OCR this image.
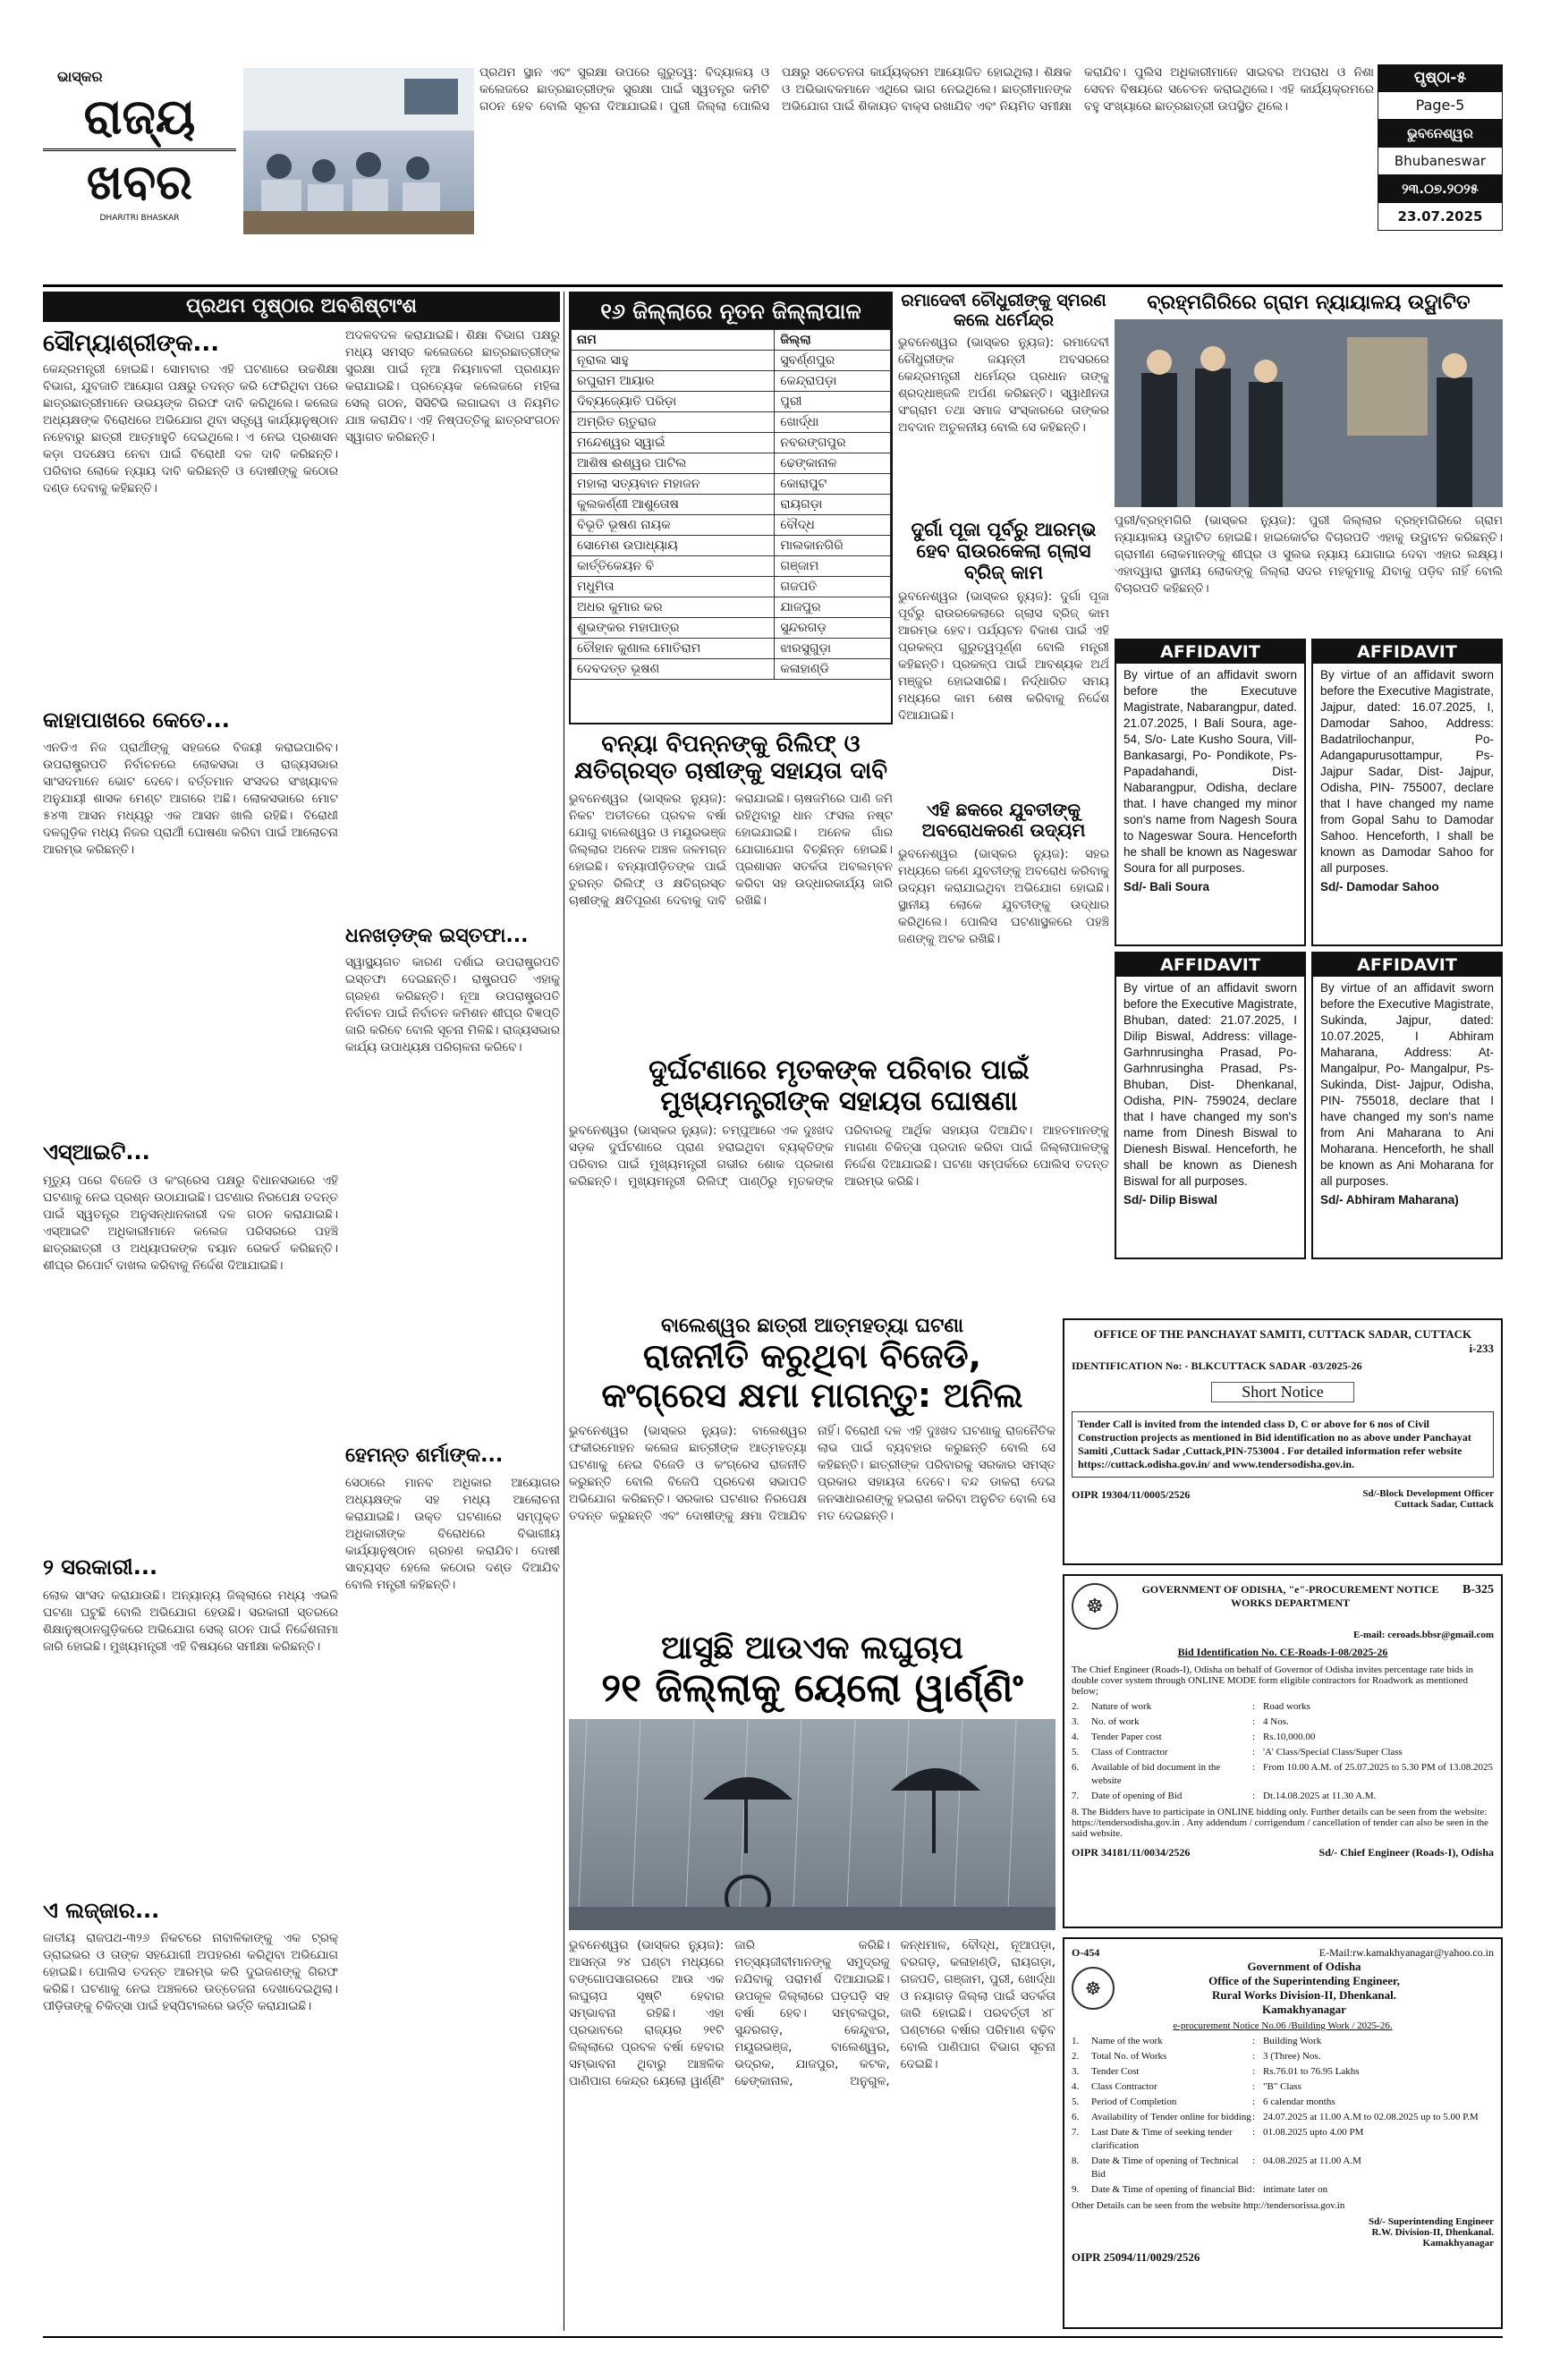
ଭାସ୍କର
ରାଜ୍ୟ
ଖବର
DHARITRI BHASKAR
ପ୍ରଥମ ସ୍ଥାନ ଏବଂ ସୁରକ୍ଷା ଉପରେ ଗୁରୁତ୍ୱ: ବିଦ୍ୟାଳୟ ଓ କଲେଜରେ ଛାତ୍ରଛାତ୍ରୀଙ୍କ ସୁରକ୍ଷା ପାଇଁ ସ୍ୱତନ୍ତ୍ର କମିଟି ଗଠନ ହେବ ବୋଲି ସୂଚନା ଦିଆଯାଇଛି। ପୁରୀ ଜିଲ୍ଲା ପୋଲିସ ପକ୍ଷରୁ ସଚେତନତା କାର୍ଯ୍ୟକ୍ରମ ଆୟୋଜିତ ହୋଇଥିଲା। ଶିକ୍ଷକ ଓ ଅଭିଭାବକମାନେ ଏଥିରେ ଭାଗ ନେଇଥିଲେ। ଛାତ୍ରୀମାନଙ୍କ ଅଭିଯୋଗ ପାଇଁ ଶିକାୟତ ବାକ୍ସ ରଖାଯିବ ଏବଂ ନିୟମିତ ସମୀକ୍ଷା କରାଯିବ। ପୁଲିସ ଅଧିକାରୀମାନେ ସାଇବର ଅପରାଧ ଓ ନିଶା ସେବନ ବିଷୟରେ ସଚେତନ କରାଇଥିଲେ। ଏହି କାର୍ଯ୍ୟକ୍ରମରେ ବହୁ ସଂଖ୍ୟାରେ ଛାତ୍ରଛାତ୍ରୀ ଉପସ୍ଥିତ ଥିଲେ।
ପୃଷ୍ଠା-୫
Page-5
ଭୁବନେଶ୍ୱର
Bhubaneswar
୨୩.୦୭.୨୦୨୫
23.07.2025
ପ୍ରଥମ ପୃଷ୍ଠାର ଅବଶିଷ୍ଟାଂଶ
ସୌମ୍ୟାଶ୍ରୀଙ୍କ...
କେନ୍ଦ୍ରମନ୍ତ୍ରୀ ହୋଇଛି। ସୋମବାର ଏହି ଘଟଣାରେ ଉଚ୍ଚଶିକ୍ଷା ବିଭାଗ, ଯୁବଜାତି ଆୟୋଗ ପକ୍ଷରୁ ତଦନ୍ତ କରି ଫେରିଥିବା ପରେ ଛାତ୍ରଛାତ୍ରୀମାନେ ଉଭୟଙ୍କ ଗିରଫ ଦାବି କରିଥିଲେ। କଲେଜ ଅଧ୍ୟକ୍ଷଙ୍କ ବିରୋଧରେ ଅଭିଯୋଗ ଥିବା ସତ୍ତ୍ୱେ କାର୍ଯ୍ୟାନୁଷ୍ଠାନ ନହେବାରୁ ଛାତ୍ରୀ ଆତ୍ମାହୁତି ଦେଇଥିଲେ। ଏ ନେଇ ପ୍ରଶାସନ କଡ଼ା ପଦକ୍ଷେପ ନେବା ପାଇଁ ବିରୋଧୀ ଦଳ ଦାବି କରିଛନ୍ତି। ପରିବାର ଲୋକେ ନ୍ୟାୟ ଦାବି କରିଛନ୍ତି ଓ ଦୋଷୀଙ୍କୁ କଠୋର ଦଣ୍ଡ ଦେବାକୁ କହିଛନ୍ତି।
କାହାପାଖରେ କେତେ...
ଏନଡିଏ ନିଜ ପ୍ରାର୍ଥୀଙ୍କୁ ସହଜରେ ବିଜୟୀ କରାଇପାରିବ। ଉପରାଷ୍ଟ୍ରପତି ନିର୍ବାଚନରେ ଲୋକସଭା ଓ ରାଜ୍ୟସଭାର ସାଂସଦମାନେ ଭୋଟ ଦେବେ। ବର୍ତ୍ତମାନ ସଂସଦର ସଂଖ୍ୟାବଳ ଅନୁଯାୟୀ ଶାସକ ମେଣ୍ଟ ଆଗରେ ଅଛି। ଲୋକସଭାରେ ମୋଟ ୫୪୩ ଆସନ ମଧ୍ୟରୁ ଏକ ଆସନ ଖାଲି ରହିଛି। ବିରୋଧୀ ଦଳଗୁଡ଼ିକ ମଧ୍ୟ ନିଜର ପ୍ରାର୍ଥୀ ଘୋଷଣା କରିବା ପାଇଁ ଆଲୋଚନା ଆରମ୍ଭ କରିଛନ୍ତି।
ଏସ୍‌ଆଇଟି...
ମୃତ୍ୟୁ ପରେ ବିଜେଡି ଓ କଂଗ୍ରେସ ପକ୍ଷରୁ ବିଧାନସଭାରେ ଏହି ଘଟଣାକୁ ନେଇ ପ୍ରଶ୍ନ ଉଠାଯାଇଛି। ଘଟଣାର ନିରପେକ୍ଷ ତଦନ୍ତ ପାଇଁ ସ୍ୱତନ୍ତ୍ର ଅନୁସନ୍ଧାନକାରୀ ଦଳ ଗଠନ କରାଯାଇଛି। ଏସ୍‌ଆଇଟି ଅଧିକାରୀମାନେ କଲେଜ ପରିସରରେ ପହଞ୍ଚି ଛାତ୍ରଛାତ୍ରୀ ଓ ଅଧ୍ୟାପକଙ୍କ ବୟାନ ରେକର୍ଡ କରିଛନ୍ତି। ଶୀଘ୍ର ରିପୋର୍ଟ ଦାଖଲ କରିବାକୁ ନିର୍ଦ୍ଦେଶ ଦିଆଯାଇଛି।
୨ ସରକାରୀ...
ଲୋକ ସାଂସଦ କରାଯାଉଛି। ଅନ୍ୟାନ୍ୟ ଜିଲ୍ଲାରେ ମଧ୍ୟ ଏଭଳି ଘଟଣା ଘଟୁଛି ବୋଲି ଅଭିଯୋଗ ହେଉଛି। ସରକାରୀ ସ୍ତରରେ ଶିକ୍ଷାନୁଷ୍ଠାନଗୁଡ଼ିକରେ ଅଭିଯୋଗ ସେଲ୍ ଗଠନ ପାଇଁ ନିର୍ଦ୍ଦେଶନାମା ଜାରି ହୋଇଛି। ମୁଖ୍ୟମନ୍ତ୍ରୀ ଏହି ବିଷୟରେ ସମୀକ୍ଷା କରିଛନ୍ତି।
ଏ ଲଜ୍ଜାର...
ଜାତୀୟ ରାଜପଥ-୩୨୬ ନିକଟରେ ନାବାଳିକାଙ୍କୁ ଏକ ଟ୍ରକ୍ ଡ୍ରାଇଭର ଓ ତାଙ୍କ ସହଯୋଗୀ ଅପହରଣ କରିଥିବା ଅଭିଯୋଗ ହୋଇଛି। ପୋଲିସ ତଦନ୍ତ ଆରମ୍ଭ କରି ଦୁଇଜଣଙ୍କୁ ଗିରଫ କରିଛି। ଘଟଣାକୁ ନେଇ ଅଞ୍ଚଳରେ ଉତ୍ତେଜନା ଦେଖାଦେଇଥିଲା। ପୀଡ଼ିତାଙ୍କୁ ଚିକିତ୍ସା ପାଇଁ ହସ୍ପିଟାଲରେ ଭର୍ତ୍ତି କରାଯାଇଛି।
ଅଦଳବଦଳ କରାଯାଇଛି। ଶିକ୍ଷା ବିଭାଗ ପକ୍ଷରୁ ମଧ୍ୟ ସମସ୍ତ କଲେଜରେ ଛାତ୍ରଛାତ୍ରୀଙ୍କ ସୁରକ୍ଷା ପାଇଁ ନୂଆ ନିୟମାବଳୀ ପ୍ରଣୟନ କରାଯାଇଛି। ପ୍ରତ୍ୟେକ କଲେଜରେ ମହିଳା ସେଲ୍ ଗଠନ, ସିସିଟିଭି ଲଗାଇବା ଓ ନିୟମିତ ଯାଞ୍ଚ କରାଯିବ। ଏହି ନିଷ୍ପତ୍ତିକୁ ଛାତ୍ରସଂଗଠନ ସ୍ୱାଗତ କରିଛନ୍ତି।
ଧନଖଡ଼ଙ୍କ ଇସ୍ତଫା...
ସ୍ୱାସ୍ଥ୍ୟଗତ କାରଣ ଦର୍ଶାଇ ଉପରାଷ୍ଟ୍ରପତି ଇସ୍ତଫା ଦେଇଛନ୍ତି। ରାଷ୍ଟ୍ରପତି ଏହାକୁ ଗ୍ରହଣ କରିଛନ୍ତି। ନୂଆ ଉପରାଷ୍ଟ୍ରପତି ନିର୍ବାଚନ ପାଇଁ ନିର୍ବାଚନ କମିଶନ ଶୀଘ୍ର ବିଜ୍ଞପ୍ତି ଜାରି କରିବେ ବୋଲି ସୂଚନା ମିଳିଛି। ରାଜ୍ୟସଭାର କାର୍ଯ୍ୟ ଉପାଧ୍ୟକ୍ଷ ପରିଚାଳନା କରିବେ।
ହେମନ୍ତ ଶର୍ମାଙ୍କ...
ସେଠାରେ ମାନବ ଅଧିକାର ଆୟୋଗର ଅଧ୍ୟକ୍ଷଙ୍କ ସହ ମଧ୍ୟ ଆଲୋଚନା କରାଯାଇଛି। ଉକ୍ତ ଘଟଣାରେ ସମ୍ପୃକ୍ତ ଅଧିକାରୀଙ୍କ ବିରୋଧରେ ବିଭାଗୀୟ କାର୍ଯ୍ୟାନୁଷ୍ଠାନ ଗ୍ରହଣ କରାଯିବ। ଦୋଷୀ ସାବ୍ୟସ୍ତ ହେଲେ କଠୋର ଦଣ୍ଡ ଦିଆଯିବ ବୋଲି ମନ୍ତ୍ରୀ କହିଛନ୍ତି।
୧୬ ଜିଲ୍ଲାରେ ନୂତନ ଜିଲ୍ଲାପାଳ
ନାମ	ଜିଲ୍ଲା
ନୂରାଲ ସାହୁ	ସୁବର୍ଣ୍ଣପୁର
ରଘୁରାମ ଆୟାର	କେନ୍ଦ୍ରାପଡ଼ା
ଦିବ୍ୟଜ୍ୟୋତି ପରିଡ଼ା	ପୁରୀ
ଅମ୍ରିତ ଋତୁରାଜ	ଖୋର୍ଦ୍ଧା
ମନ୍ଦେଶ୍ୱର ସ୍ୱାଇଁ	ନବରଙ୍ଗପୁର
ଆଶିଷ ଈଶ୍ୱର ପାଟିଲ	ଢେଙ୍କାନାଳ
ମହାଲା ସତ୍ୟବାନ ମହାଜନ	କୋରାପୁଟ
କୁଲକର୍ଣ୍ଣୀ ଆଶୁତୋଷ	ରାୟଗଡ଼ା
ବିଭୂତି ଭୂଷଣ ନାୟକ	ବୌଦ୍ଧ
ସୋମେଶ ଉପାଧ୍ୟାୟ	ମାଲକାନଗିରି
କାର୍ତ୍ତିକେୟନ ବି	ଗଞ୍ଜାମ
ମଧୁମିତା	ଗଜପତି
ଅଧର କୁମାର କର	ଯାଜପୁର
ଶୁଭଙ୍କର ମହାପାତ୍ର	ସୁନ୍ଦରଗଡ଼
ଚୌହାନ କୁଣାଲ ମୋତିରାମ	ଝାରସୁଗୁଡ଼ା
ଦେବଦତ୍ତ ଭୂଷଣ	କଳାହାଣ୍ଡି
ବନ୍ୟା ବିପନ୍ନଙ୍କୁ ରିଲିଫ୍ ଓ
କ୍ଷତିଗ୍ରସ୍ତ ଚାଷୀଙ୍କୁ ସହାୟତା ଦାବି
ଭୁବନେଶ୍ୱର (ଭାସ୍କର ନ୍ୟୁଜ): ନିକଟ ଅତୀତରେ ପ୍ରବଳ ବର୍ଷା ଯୋଗୁ ବାଲେଶ୍ୱର ଓ ମୟୂରଭଞ୍ଜ ଜିଲ୍ଲାର ଅନେକ ଅଞ୍ଚଳ ଜଳମଗ୍ନ ହୋଇଛି। ବନ୍ୟାପୀଡ଼ିତଙ୍କ ପାଇଁ ତୁରନ୍ତ ରିଲିଫ୍ ଓ କ୍ଷତିଗ୍ରସ୍ତ ଚାଷୀଙ୍କୁ କ୍ଷତିପୂରଣ ଦେବାକୁ ଦାବି କରାଯାଇଛି। ଚାଷଜମିରେ ପାଣି ଜମି ରହିଥିବାରୁ ଧାନ ଫସଲ ନଷ୍ଟ ହୋଇଯାଇଛି। ଅନେକ ଗାଁର ଯୋଗାଯୋଗ ବିଚ୍ଛିନ୍ନ ହୋଇଛି। ପ୍ରଶାସନ ସତର୍କତା ଅବଲମ୍ବନ କରିବା ସହ ଉଦ୍ଧାରକାର୍ଯ୍ୟ ଜାରି ରଖିଛି।
ରମାଦେବୀ ଚୌଧୁରୀଙ୍କୁ ସ୍ମରଣ କଲେ ଧର୍ମେନ୍ଦ୍ର
ଭୁବନେଶ୍ୱର (ଭାସ୍କର ନ୍ୟୁଜ): ରମାଦେବୀ ଚୌଧୁରୀଙ୍କ ଜୟନ୍ତୀ ଅବସରରେ କେନ୍ଦ୍ରମନ୍ତ୍ରୀ ଧର୍ମେନ୍ଦ୍ର ପ୍ରଧାନ ତାଙ୍କୁ ଶ୍ରଦ୍ଧାଞ୍ଜଳି ଅର୍ପଣ କରିଛନ୍ତି। ସ୍ୱାଧୀନତା ସଂଗ୍ରାମ ତଥା ସମାଜ ସଂସ୍କାରରେ ତାଙ୍କର ଅବଦାନ ଅତୁଳନୀୟ ବୋଲି ସେ କହିଛନ୍ତି।
ଦୁର୍ଗା ପୂଜା ପୂର୍ବରୁ ଆରମ୍ଭ ହେବ ରାଉରକେଲା ଗ୍ଲାସ ବ୍ରିଜ୍ କାମ
ଭୁବନେଶ୍ୱର (ଭାସ୍କର ନ୍ୟୁଜ): ଦୁର୍ଗା ପୂଜା ପୂର୍ବରୁ ରାଉରକେଲାରେ ଗ୍ଲାସ ବ୍ରିଜ୍ କାମ ଆରମ୍ଭ ହେବ। ପର୍ଯ୍ୟଟନ ବିକାଶ ପାଇଁ ଏହି ପ୍ରକଳ୍ପ ଗୁରୁତ୍ୱପୂର୍ଣ୍ଣ ବୋଲି ମନ୍ତ୍ରୀ କହିଛନ୍ତି। ପ୍ରକଳ୍ପ ପାଇଁ ଆବଶ୍ୟକ ଅର୍ଥ ମଞ୍ଜୁର ହୋଇସାରିଛି। ନିର୍ଦ୍ଧାରିତ ସମୟ ମଧ୍ୟରେ କାମ ଶେଷ କରିବାକୁ ନିର୍ଦ୍ଦେଶ ଦିଆଯାଇଛି।
ଏହି ଛକରେ ଯୁବତୀଙ୍କୁ ଅବରୋଧକରଣ ଉଦ୍ୟମ
ଭୁବନେଶ୍ୱର (ଭାସ୍କର ନ୍ୟୁଜ): ସହର ମଧ୍ୟରେ ଜଣେ ଯୁବତୀଙ୍କୁ ଅବରୋଧ କରିବାକୁ ଉଦ୍ୟମ କରାଯାଇଥିବା ଅଭିଯୋଗ ହୋଇଛି। ସ୍ଥାନୀୟ ଲୋକେ ଯୁବତୀଙ୍କୁ ଉଦ୍ଧାର କରିଥିଲେ। ପୋଲିସ ଘଟଣାସ୍ଥଳରେ ପହଞ୍ଚି ଜଣଙ୍କୁ ଅଟକ ରଖିଛି।
ଦୁର୍ଘଟଣାରେ ମୃତକଙ୍କ ପରିବାର ପାଇଁ
ମୁଖ୍ୟମନ୍ତ୍ରୀଙ୍କ ସହାୟତା ଘୋଷଣା
ଭୁବନେଶ୍ୱର (ଭାସ୍କର ନ୍ୟୁଜ): ଚମ୍ପୁଆରେ ଏକ ଦୁଃଖଦ ସଡ଼କ ଦୁର୍ଘଟଣାରେ ପ୍ରାଣ ହରାଇଥିବା ବ୍ୟକ୍ତିଙ୍କ ପରିବାର ପାଇଁ ମୁଖ୍ୟମନ୍ତ୍ରୀ ଗଭୀର ଶୋକ ପ୍ରକାଶ କରିଛନ୍ତି। ମୁଖ୍ୟମନ୍ତ୍ରୀ ରିଲିଫ୍ ପାଣ୍ଠିରୁ ମୃତକଙ୍କ ପରିବାରକୁ ଆର୍ଥିକ ସହାୟତା ଦିଆଯିବ। ଆହତମାନଙ୍କୁ ମାଗଣା ଚିକିତ୍ସା ପ୍ରଦାନ କରିବା ପାଇଁ ଜିଲ୍ଲାପାଳଙ୍କୁ ନିର୍ଦ୍ଦେଶ ଦିଆଯାଇଛି। ଘଟଣା ସମ୍ପର୍କରେ ପୋଲିସ ତଦନ୍ତ ଆରମ୍ଭ କରିଛି।
ବ୍ରହ୍ମଗିରିରେ ଗ୍ରାମ ନ୍ୟାୟାଳୟ ଉଦ୍ଘାଟିତ
ପୁରୀ/ବ୍ରହ୍ମଗିରି (ଭାସ୍କର ନ୍ୟୁଜ): ପୁରୀ ଜିଲ୍ଲାର ବ୍ରହ୍ମଗିରିରେ ଗ୍ରାମ ନ୍ୟାୟାଳୟ ଉଦ୍ଘାଟିତ ହୋଇଛି। ହାଇକୋର୍ଟର ବିଚାରପତି ଏହାକୁ ଉଦ୍ଘାଟନ କରିଛନ୍ତି। ଗ୍ରାମୀଣ ଲୋକମାନଙ୍କୁ ଶୀଘ୍ର ଓ ସୁଲଭ ନ୍ୟାୟ ଯୋଗାଇ ଦେବା ଏହାର ଲକ୍ଷ୍ୟ। ଏହାଦ୍ୱାରା ସ୍ଥାନୀୟ ଲୋକଙ୍କୁ ଜିଲ୍ଲା ସଦର ମହକୁମାକୁ ଯିବାକୁ ପଡ଼ିବ ନାହିଁ ବୋଲି ବିଚାରପତି କହିଛନ୍ତି।
AFFIDAVIT
By virtue of an affidavit sworn before the Executuve Magistrate, Nabarangpur, dated. 21.07.2025, I Bali Soura, age-54, S/o- Late Kusho Soura, Vill- Bankasargi, Po- Pondikote, Ps- Papadahandi, Dist- Nabarangpur, Odisha, declare that. I have changed my minor son's name from Nagesh Soura to Nageswar Soura. Henceforth he shall be known as Nageswar Soura for all purposes.
Sd/- Bali Soura
AFFIDAVIT
By virtue of an affidavit sworn before the Executive Magistrate, Jajpur, dated: 16.07.2025, I, Damodar Sahoo, Address: Badatrilochanpur, Po- Adangapurusottampur, Ps- Jajpur Sadar, Dist- Jajpur, Odisha, PIN- 755007, declare that I have changed my name from Gopal Sahu to Damodar Sahoo. Henceforth, I shall be known as Damodar Sahoo for all purposes.
Sd/- Damodar Sahoo
AFFIDAVIT
By virtue of an affidavit sworn before the Executive Magistrate, Bhuban, dated: 21.07.2025, I Dilip Biswal, Address: village- Garhnrusingha Prasad, Po- Garhnrusingha Prasad, Ps- Bhuban, Dist- Dhenkanal, Odisha, PIN- 759024, declare that I have changed my son's name from Dinesh Biswal to Dienesh Biswal. Henceforth, he shall be known as Dienesh Biswal for all purposes.
Sd/- Dilip Biswal
AFFIDAVIT
By virtue of an affidavit sworn before the Executive Magistrate, Sukinda, Jajpur, dated: 10.07.2025, I Abhiram Maharana, Address: At- Mangalpur, Po- Mangalpur, Ps- Sukinda, Dist- Jajpur, Odisha, PIN- 755018, declare that I have changed my son's name from Ani Maharana to Ani Moharana. Henceforth, he shall be known as Ani Moharana for all purposes.
Sd/- Abhiram Maharana)
ବାଲେଶ୍ୱର ଛାତ୍ରୀ ଆତ୍ମହତ୍ୟା ଘଟଣା
ରାଜନୀତି କରୁଥିବା ବିଜେଡି,
କଂଗ୍ରେସ କ୍ଷମା ମାଗନ୍ତୁ: ଅନିଲ
ଭୁବନେଶ୍ୱର (ଭାସ୍କର ନ୍ୟୁଜ): ବାଲେଶ୍ୱର ଫକୀରମୋହନ କଲେଜ ଛାତ୍ରୀଙ୍କ ଆତ୍ମହତ୍ୟା ଘଟଣାକୁ ନେଇ ବିଜେଡି ଓ କଂଗ୍ରେସ ରାଜନୀତି କରୁଛନ୍ତି ବୋଲି ବିଜେପି ପ୍ରଦେଶ ସଭାପତି ଅଭିଯୋଗ କରିଛନ୍ତି। ସରକାର ଘଟଣାର ନିରପେକ୍ଷ ତଦନ୍ତ କରୁଛନ୍ତି ଏବଂ ଦୋଷୀଙ୍କୁ କ୍ଷମା ଦିଆଯିବ ନାହିଁ। ବିରୋଧୀ ଦଳ ଏହି ଦୁଃଖଦ ଘଟଣାକୁ ରାଜନୈତିକ ଲାଭ ପାଇଁ ବ୍ୟବହାର କରୁଛନ୍ତି ବୋଲି ସେ କହିଛନ୍ତି। ଛାତ୍ରୀଙ୍କ ପରିବାରକୁ ସରକାର ସମସ୍ତ ପ୍ରକାର ସହାୟତା ଦେବେ। ବନ୍ଦ ଡାକରା ଦେଇ ଜନସାଧାରଣଙ୍କୁ ହଇରାଣ କରିବା ଅନୁଚିତ ବୋଲି ସେ ମତ ଦେଇଛନ୍ତି।
ଆସୁଛି ଆଉଏକ ଲଘୁଚାପ
୨୧ ଜିଲ୍ଲାକୁ ୟେଲୋ ୱାର୍ଣ୍ଣିଂ
ଭୁବନେଶ୍ୱର (ଭାସ୍କର ନ୍ୟୁଜ): ଆସନ୍ତା ୨୪ ଘଣ୍ଟା ମଧ୍ୟରେ ବଙ୍ଗୋପସାଗରରେ ଆଉ ଏକ ଲଘୁଚାପ ସୃଷ୍ଟି ହେବାର ସମ୍ଭାବନା ରହିଛି। ଏହା ପ୍ରଭାବରେ ରାଜ୍ୟର ୨୧ଟି ଜିଲ୍ଲାରେ ପ୍ରବଳ ବର୍ଷା ହେବାର ସମ୍ଭାବନା ଥିବାରୁ ଆଞ୍ଚଳିକ ପାଣିପାଗ କେନ୍ଦ୍ର ୟେଲୋ ୱାର୍ଣ୍ଣିଂ ଜାରି କରିଛି। ମତ୍ସ୍ୟଜୀବୀମାନଙ୍କୁ ସମୁଦ୍ରକୁ ନଯିବାକୁ ପରାମର୍ଶ ଦିଆଯାଇଛି। ଉପକୂଳ ଜିଲ୍ଲାରେ ଘଡ଼ଘଡ଼ି ସହ ବର୍ଷା ହେବ। ସମ୍ବଲପୁର, ସୁନ୍ଦରଗଡ଼, କେନ୍ଦୁଝର, ମୟୂରଭଞ୍ଜ, ବାଲେଶ୍ୱର, ଭଦ୍ରକ, ଯାଜପୁର, କଟକ, ଢେଙ୍କାନାଳ, ଅନୁଗୁଳ, କନ୍ଧମାଳ, ବୌଦ୍ଧ, ନୂଆପଡ଼ା, ବରଗଡ଼, କଳାହାଣ୍ଡି, ରାୟଗଡ଼ା, ଗଜପତି, ଗଞ୍ଜାମ, ପୁରୀ, ଖୋର୍ଦ୍ଧା ଓ ନୟାଗଡ଼ ଜିଲ୍ଲା ପାଇଁ ସତର୍କତା ଜାରି ହୋଇଛି। ପରବର୍ତ୍ତୀ ୪୮ ଘଣ୍ଟାରେ ବର୍ଷାର ପରିମାଣ ବଢ଼ିବ ବୋଲି ପାଣିପାଗ ବିଭାଗ ସୂଚନା ଦେଇଛି।
OFFICE OF THE PANCHAYAT SAMITI, CUTTACK SADAR, CUTTACK
i-233
IDENTIFICATION No: - BLKCUTTACK SADAR -03/2025-26
Short Notice
Tender Call is invited from the intended class D, C or above for 6 nos of Civil Construction projects as mentioned in Bid identification no as above under Panchayat Samiti ,Cuttack Sadar ,Cuttack,PIN-753004 . For detailed information refer website https://cuttack.odisha.gov.in/ and www.tendersodisha.gov.in.
OIPR 19304/11/0005/2526	Sd/-Block Development Officer
Cuttack Sadar, Cuttack
☸
GOVERNMENT OF ODISHA, "e"-PROCUREMENT NOTICE
WORKS DEPARTMENT
B-325
E-mail: ceroads.bbsr@gmail.com
Bid Identification No. CE-Roads-I-08/2025-26
The Chief Engineer (Roads-I), Odisha on behalf of Governor of Odisha invites percentage rate bids in double cover system through ONLINE MODE form eligible contractors for Roadwork as mentioned below;
2.	Nature of work	: Road works
3.	No. of work	: 4 Nos.
4.	Tender Paper cost	: Rs.10,000.00
5.	Class of Contractor	: 'A' Class/Special Class/Super Class
6.	Available of bid document in the website
: From 10.00 A.M. of 25.07.2025 to 5.30 PM of 13.08.2025
7.	Date of opening of Bid	: Dt.14.08.2025 at 11.30 A.M.
8. The Bidders have to participate in ONLINE bidding only. Further details can be seen from the website: https://tendersodisha.gov.in . Any addendum / corrigendum / cancellation of tender can also be seen in the said website.
OIPR 34181/11/0034/2526	Sd/- Chief Engineer (Roads-I), Odisha
O-454	E-Mail:rw.kamakhyanagar@yahoo.co.in
☸
Government of Odisha
Office of the Superintending Engineer,
Rural Works Division-II, Dhenkanal.
Kamakhyanagar
e-procurement Notice No.06 /Building Work / 2025-26.
1.	Name of the work	: Building Work
2.	Total No. of Works	: 3 (Three) Nos.
3.	Tender Cost	: Rs.76.01 to 76.95 Lakhs
4.	Class Contractor	: "B" Class
5.	Period of Completion	: 6 calendar months
6.	Availability of Tender online for bidding : 24.07.2025 at 11.00 A.M to 02.08.2025 up to 5.00 P.M
7.	Last Date & Time of seeking tender clarification
: 01.08.2025 upto 4.00 PM
8.	Date & Time of opening of Technical Bid
: 04.08.2025 at 11.00 A.M
9.	Date & Time of opening of financial Bid : intimate later on
Other Details can be seen from the website http://tendersorissa.gov.in
Sd/- Superintending Engineer
R.W. Division-II, Dhenkanal.
Kamakhyanagar
OIPR 25094/11/0029/2526
